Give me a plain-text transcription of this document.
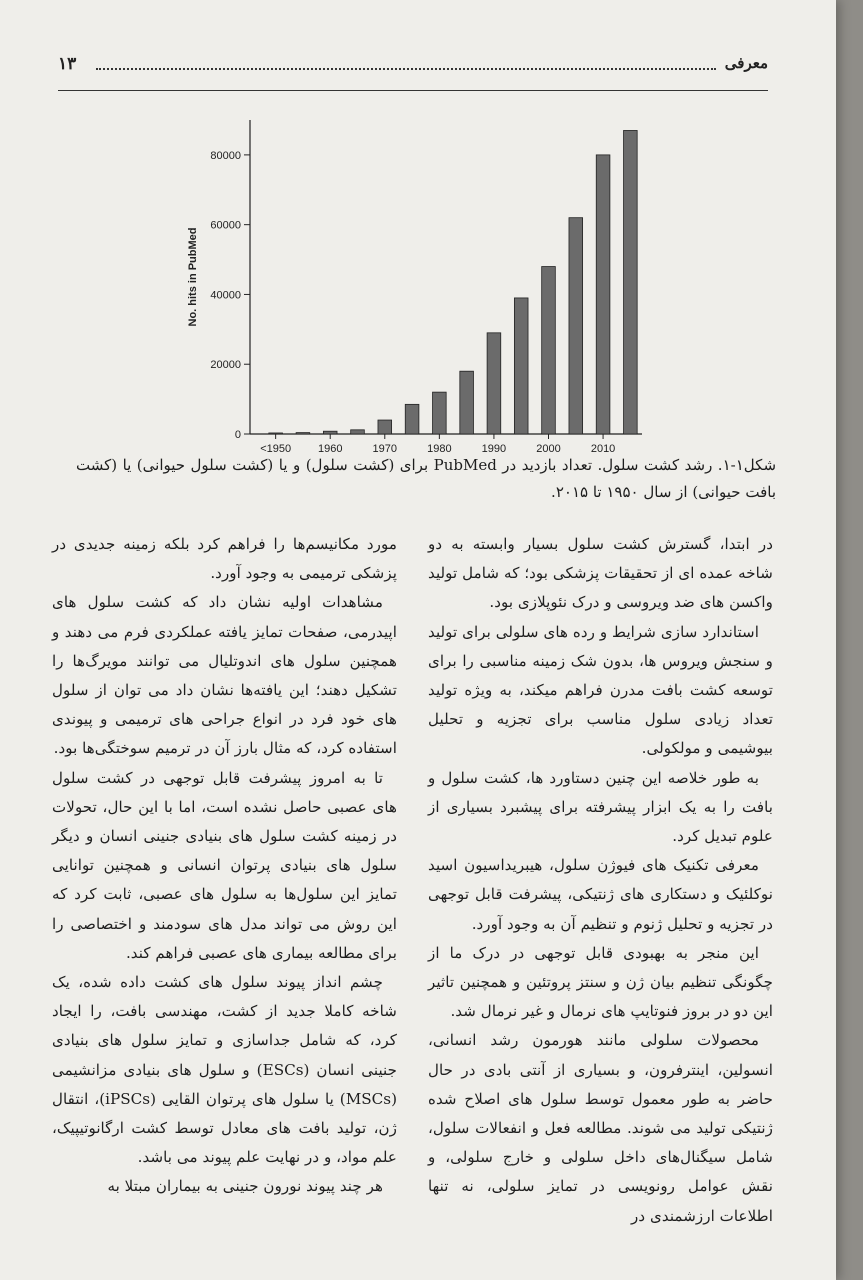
معرفی
۱۳
0
20000
40000
60000
80000
No. hits in PubMed
<1950 1960	1970	1980	1990	2000	2010
شکل۱-۱. رشد کشت سلول. تعداد بازدید در PubMed برای (کشت سلول) و یا (کشت سلول حیوانی) یا (کشت بافت حیوانی) از سال ۱۹۵۰ تا ۲۰۱۵.

در ابتدا، گسترش کشت سلول بسیار وابسته به دو شاخه عمده ای از تحقیقات پزشکی بود؛ که شامل تولید واکسن های ضد ویروسی و درک نئوپلازی بود.

استاندارد سازی شرایط و رده های سلولی برای تولید و سنجش ویروس ها، بدون شک زمینه مناسبی را برای توسعه کشت بافت مدرن فراهم میکند، به ویژه تولید تعداد زیادی سلول مناسب برای تجزیه و تحلیل بیوشیمی و مولکولی.

به طور خلاصه این چنین دستاورد ها، کشت سلول و بافت را به یک ابزار پیشرفته برای پیشبرد بسیاری از علوم تبدیل کرد.

معرفی تکنیک های فیوژن سلول، هیبریداسیون اسید نوکلئیک و دستکاری های ژنتیکی، پیشرفت قابل توجهی در تجزیه و تحلیل ژنوم و تنظیم آن به وجود آورد.

این منجر به بهبودی قابل توجهی در درک ما از چگونگی تنظیم بیان ژن و سنتز پروتئین و همچنین تاثیر این دو در بروز فنوتایپ های نرمال و غیر نرمال شد.

محصولات سلولی مانند هورمون رشد انسانی، انسولین، اینترفرون، و بسیاری از آنتی بادی در حال حاضر به طور معمول توسط سلول های اصلاح شده ژنتیکی تولید می شوند. مطالعه فعل و انفعالات سلول، شامل سیگنال‌های داخل سلولی و خارج سلولی، و نقش عوامل رونویسی در تمایز سلولی، نه تنها اطلاعات ارزشمندی در

مورد مکانیسم‌ها را فراهم کرد بلکه زمینه جدیدی در پزشکی ترمیمی به وجود آورد.

مشاهدات اولیه نشان داد که کشت سلول های اپیدرمی، صفحات تمایز یافته عملکردی فرم می دهند و همچنین سلول های اندوتلیال می توانند مویرگ‌ها را تشکیل دهند؛ این یافته‌ها نشان داد می توان از سلول های خود فرد در انواع جراحی های ترمیمی و پیوندی استفاده کرد، که مثال بارز آن در ترمیم سوختگی‌ها بود.

تا به امروز پیشرفت قابل توجهی در کشت سلول های عصبی حاصل نشده است، اما با این حال، تحولات در زمینه کشت سلول های بنیادی جنینی انسان و دیگر سلول های بنیادی پرتوان انسانی و همچنین توانایی تمایز این سلول‌ها به سلول های عصبی، ثابت کرد که این روش می تواند مدل های سودمند و اختصاصی را برای مطالعه بیماری های عصبی فراهم کند.

چشم انداز پیوند سلول های کشت داده شده، یک شاخه کاملا جدید از کشت، مهندسی بافت، را ایجاد کرد، که شامل جداسازی و تمایز سلول های بنیادی جنینی انسان (ESCs) و سلول های بنیادی مزانشیمی (MSCs) یا سلول های پرتوان القایی (iPSCs)، انتقال ژن، تولید بافت های معادل توسط کشت ارگانوتیپیک، علم مواد، و در نهایت علم پیوند می باشد.

هر چند پیوند نورون جنینی به بیماران مبتلا به
